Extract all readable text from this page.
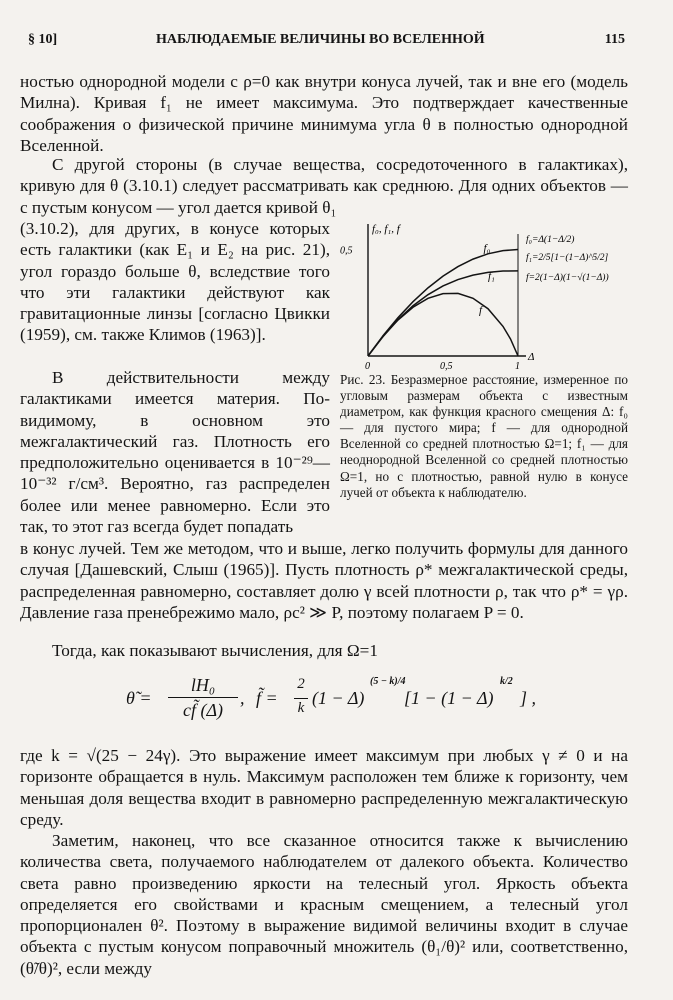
§ 10]	НАБЛЮДАЕМЫЕ ВЕЛИЧИНЫ ВО ВСЕЛЕННОЙ	115

ностью однородной модели с ρ=0 как внутри конуса лучей, так и вне его (модель Милна). Кривая f₁ не имеет максимума. Это подтверждает качественные соображения о физической причине минимума угла θ в полностью однородной Вселенной.

С другой стороны (в случае вещества, сосредоточенного в галактиках), кривую для θ (3.10.1) следует рассматривать как среднюю. Для одних объектов — с пустым конусом — угол дается кривой θ₁

(3.10.2), для других, в конусе которых есть галактики (как E₁ и E₂ на рис. 21), угол гораздо больше θ, вследствие того что эти галактики действуют как гравитационные линзы [согласно Цвикки (1959), см. также Климов (1963)].

В действительности между галактиками имеется материя. По-видимому, в основном это межгалактический газ. Плотность его предположительно оценивается в 10⁻²⁹—10⁻³² г/см³. Вероятно, газ распределен более или менее равномерно. Если это так, то этот газ всегда будет попадать

в конус лучей. Тем же методом, что и выше, легко получить формулы для данного случая [Дашевский, Слыш (1965)]. Пусть плотность ρ* межгалактической среды, распределенная равномерно, составляет долю γ всей плотности ρ, так что ρ* = γρ. Давление газа пренебрежимо мало, ρc² ≫ P, поэтому полагаем P = 0.

Тогда, как показывают вычисления, для Ω=1

θ̃ =
lH₀
cf̃ (Δ)
, f̃ =
2
k (1 − Δ)
(5 − k)/4
[1 − (1 − Δ)
k/2
] ,

где k = √(25 − 24γ). Это выражение имеет максимум при любых γ ≠ 0 и на горизонте обращается в нуль. Максимум расположен тем ближе к горизонту, чем меньшая доля вещества входит в равномерно распределенную межгалактическую среду.

Заметим, наконец, что все сказанное относится также к вычислению количества света, получаемого наблюдателем от далекого объекта. Количество света равно произведению яркости на телесный угол. Яркость объекта определяется его свойствами и красным смещением, а телесный угол пропорционален θ². Поэтому в выражение видимой величины входит в случае объекта с пустым конусом поправочный множитель (θ₁/θ)² или, соответственно, (θ̃/θ)², если между

f₀, f₁, f
Δ
0	0,5	1
0,5	f₀
f₀=Δ(1−Δ/2)
f₁
f₁=2/5[1−(1−Δ)^5/2]
f
f=2(1−Δ)(1−√(1−Δ))

Рис. 23. Безразмерное расстояние, измеренное по угловым размерам объекта с известным диаметром, как функция красного смещения Δ: f₀ — для пустого мира; f — для однородной Вселенной со средней плотностью Ω=1; f₁ — для неоднородной Вселенной со средней плотностью Ω=1, но с плотностью, равной нулю в конусе лучей от объекта к наблюдателю.
